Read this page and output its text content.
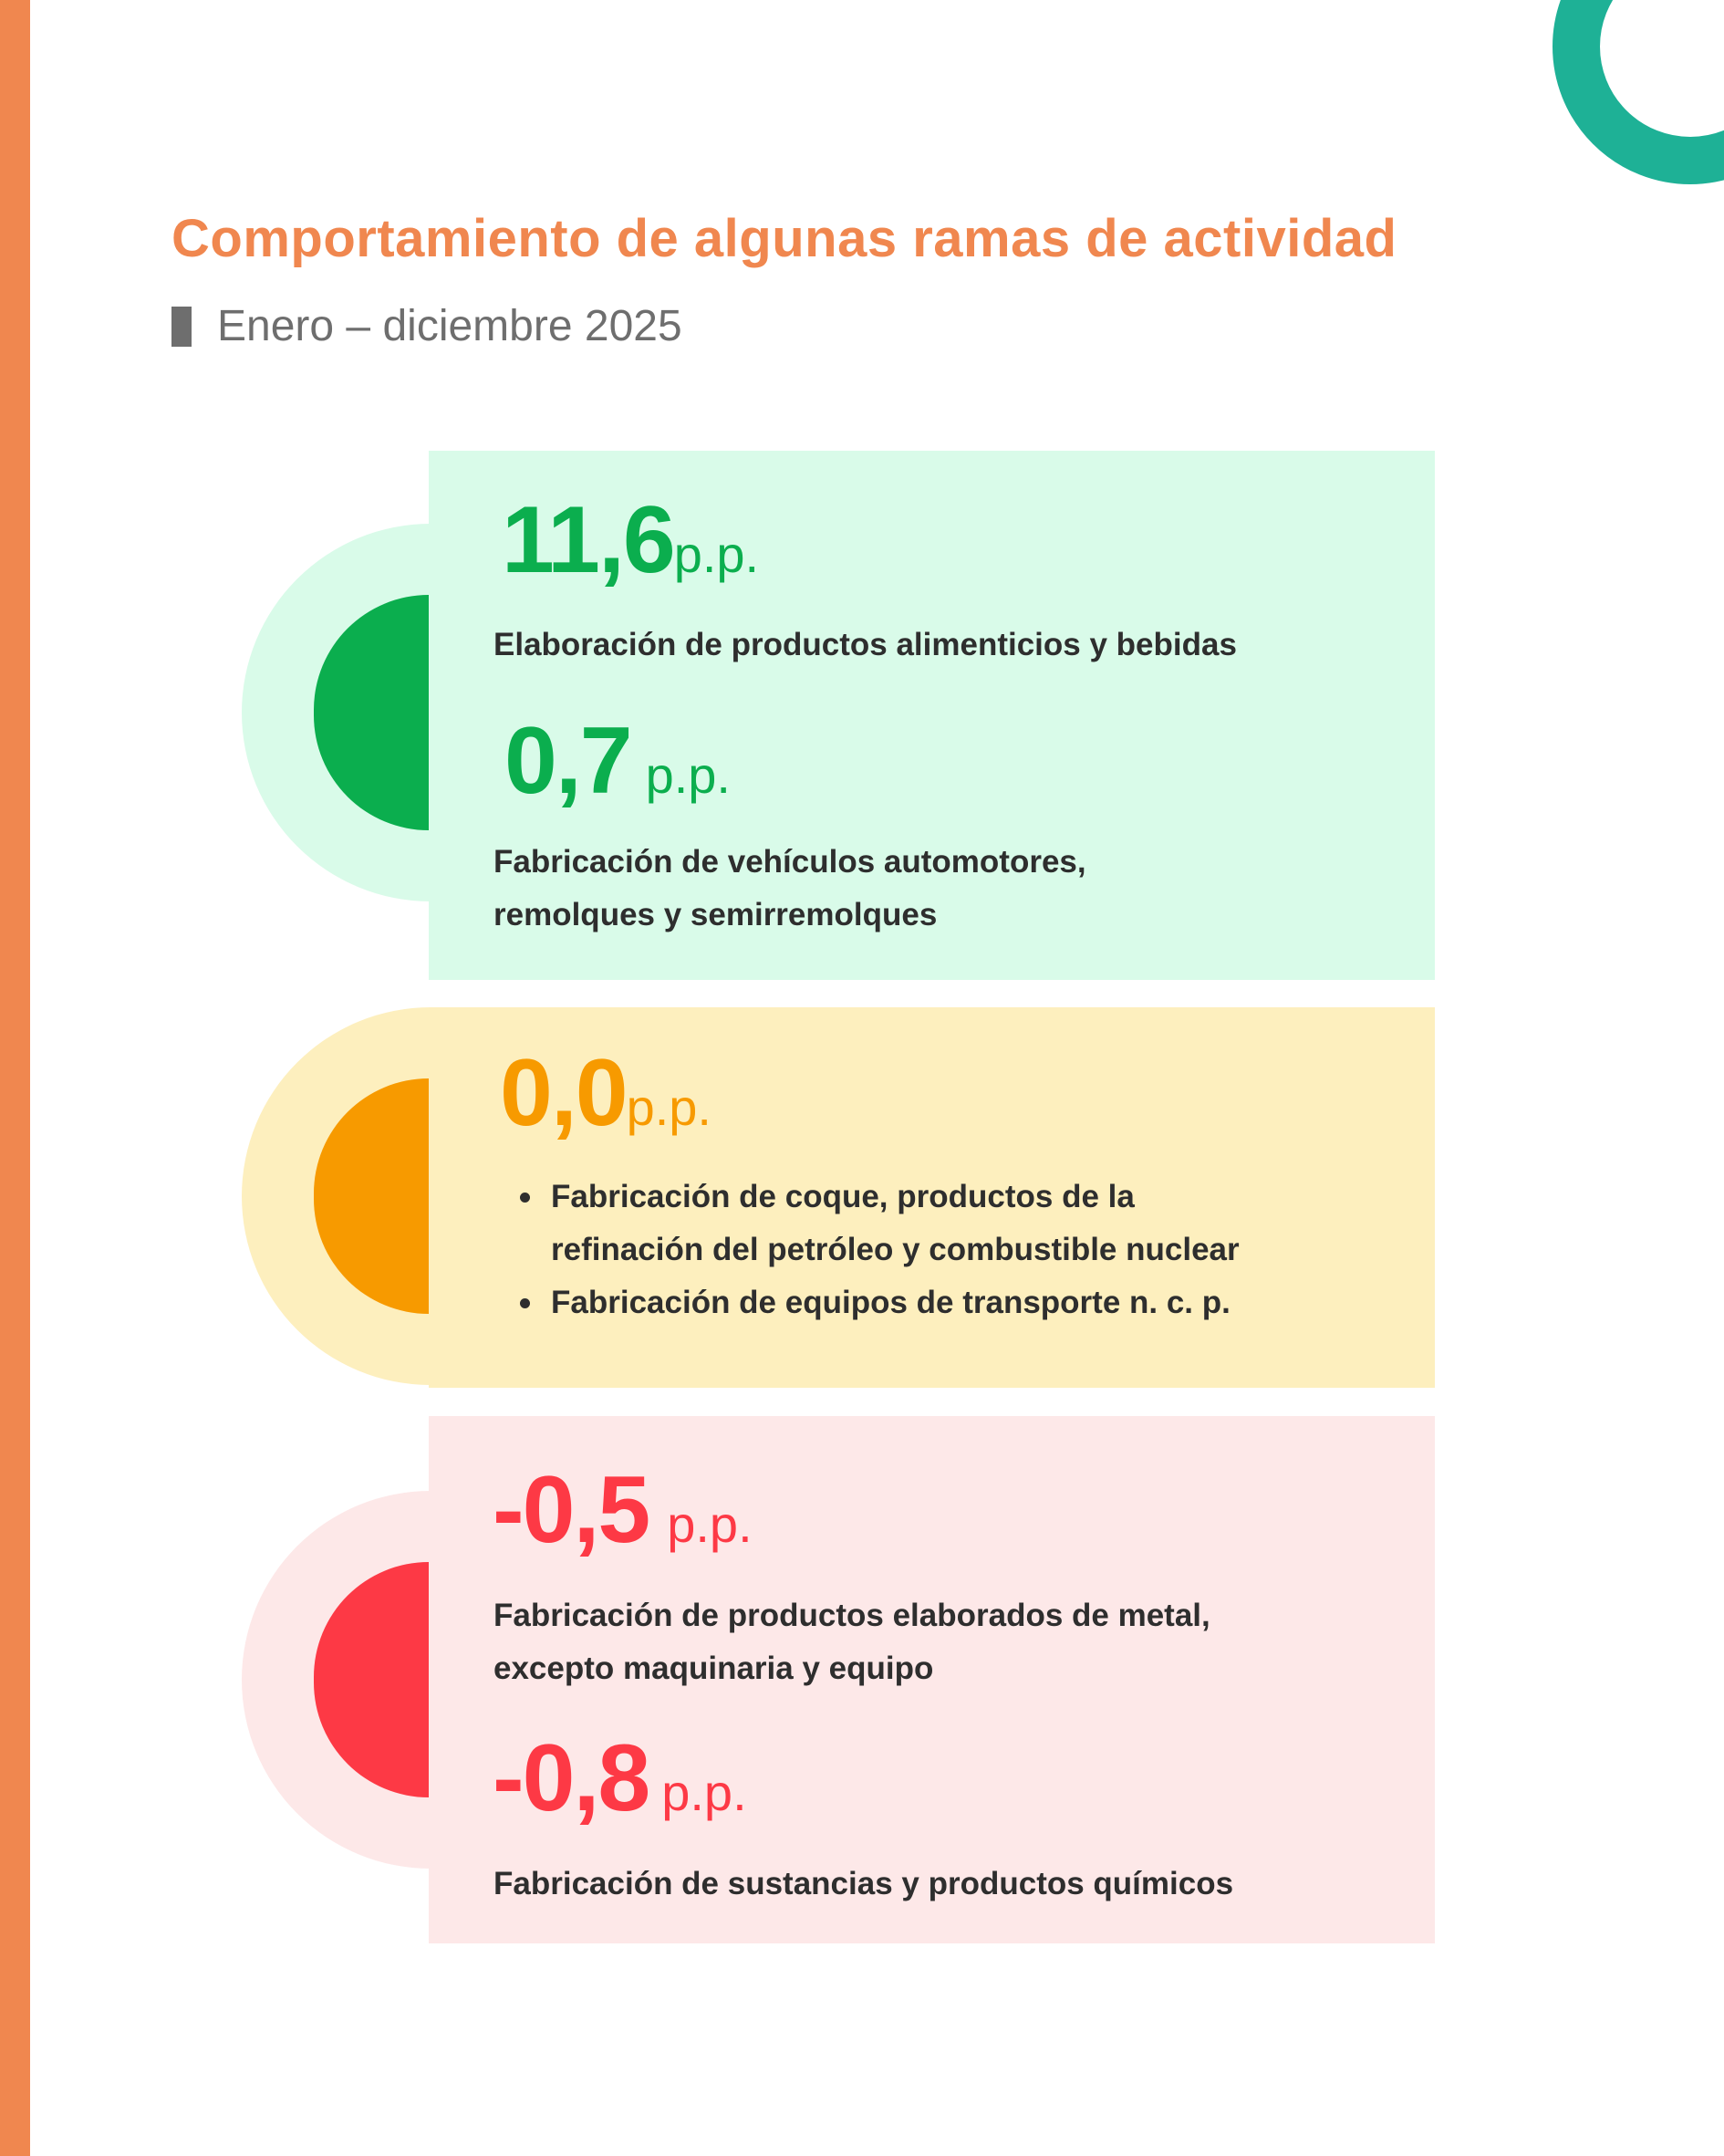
Comportamiento de algunas ramas de actividad
Enero – diciembre 2025
11,6p.p.
Elaboración de productos alimenticios y bebidas
0,7 p.p.
Fabricación de vehículos automotores,
remolques y semirremolques
0,0p.p.
Fabricación de coque, productos de la
refinación del petróleo y combustible nuclear
Fabricación de equipos de transporte n. c. p.
-0,5 p.p.
Fabricación de productos elaborados de metal,
excepto maquinaria y equipo
-0,8 p.p.
Fabricación de sustancias y productos químicos
